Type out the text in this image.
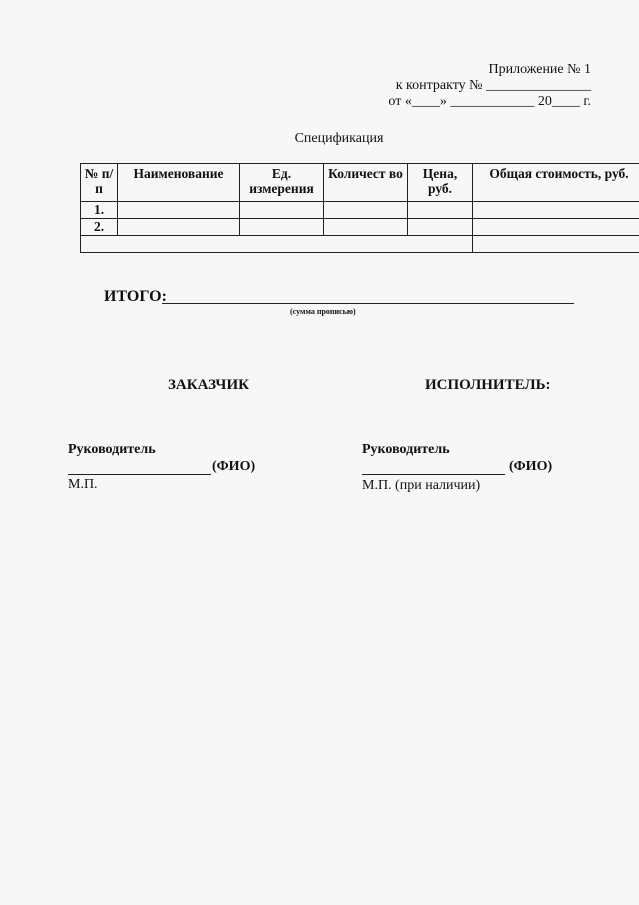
Приложение № 1
к контракту № _______________
от «____» ____________ 20____ г.
Спецификация
№ п/п	Наименование	Ед. измерения	Количест во	Цена, руб.	Общая стоимость, руб.
1.					
2.					

ИТОГО:
(сумма прописью)
ЗАКАЗЧИК	ИСПОЛНИТЕЛЬ:
Руководитель	Руководитель
(ФИО)	(ФИО)
М.П.	М.П. (при наличии)
